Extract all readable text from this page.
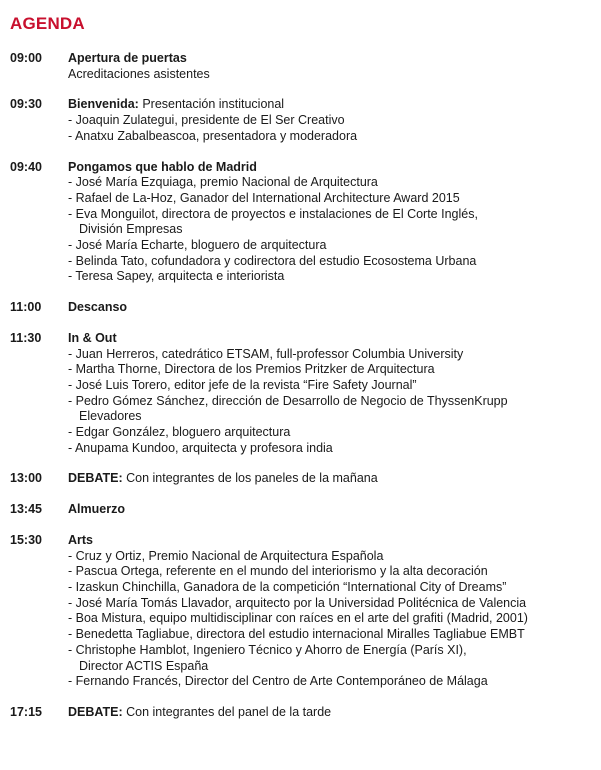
AGENDA
09:00	Apertura de puertas
Acreditaciones asistentes
09:30	Bienvenida: Presentación institucional
- Joaquin Zulategui, presidente de El Ser Creativo
- Anatxu Zabalbeascoa, presentadora y moderadora
09:40	Pongamos que hablo de Madrid
- José María Ezquiaga, premio Nacional de Arquitectura
- Rafael de La-Hoz, Ganador del International Architecture Award 2015
- Eva Monguilot, directora de proyectos e instalaciones de El Corte Inglés,
División Empresas
- José María Echarte, bloguero de arquitectura
- Belinda Tato, cofundadora y codirectora del estudio Ecosostema Urbana
- Teresa Sapey, arquitecta e interiorista
11:00	Descanso
11:30	In & Out
- Juan Herreros, catedrático ETSAM, full-professor Columbia University
- Martha Thorne, Directora de los Premios Pritzker de Arquitectura
- José Luis Torero, editor jefe de la revista “Fire Safety Journal”
- Pedro Gómez Sánchez, dirección de Desarrollo de Negocio de ThyssenKrupp
Elevadores
- Edgar González, bloguero arquitectura
- Anupama Kundoo, arquitecta y profesora india
13:00	DEBATE: Con integrantes de los paneles de la mañana
13:45	Almuerzo
15:30	Arts
- Cruz y Ortiz, Premio Nacional de Arquitectura Española
- Pascua Ortega, referente en el mundo del interiorismo y la alta decoración
- Izaskun Chinchilla, Ganadora de la competición “International City of Dreams”
- José María Tomás Llavador, arquitecto por la Universidad Politécnica de Valencia
- Boa Mistura, equipo multidisciplinar con raíces en el arte del grafiti (Madrid, 2001)
- Benedetta Tagliabue, directora del estudio internacional Miralles Tagliabue EMBT
- Christophe Hamblot, Ingeniero Técnico y Ahorro de Energía (París XI),
Director ACTIS España
- Fernando Francés, Director del Centro de Arte Contemporáneo de Málaga
17:15	DEBATE: Con integrantes del panel de la tarde
